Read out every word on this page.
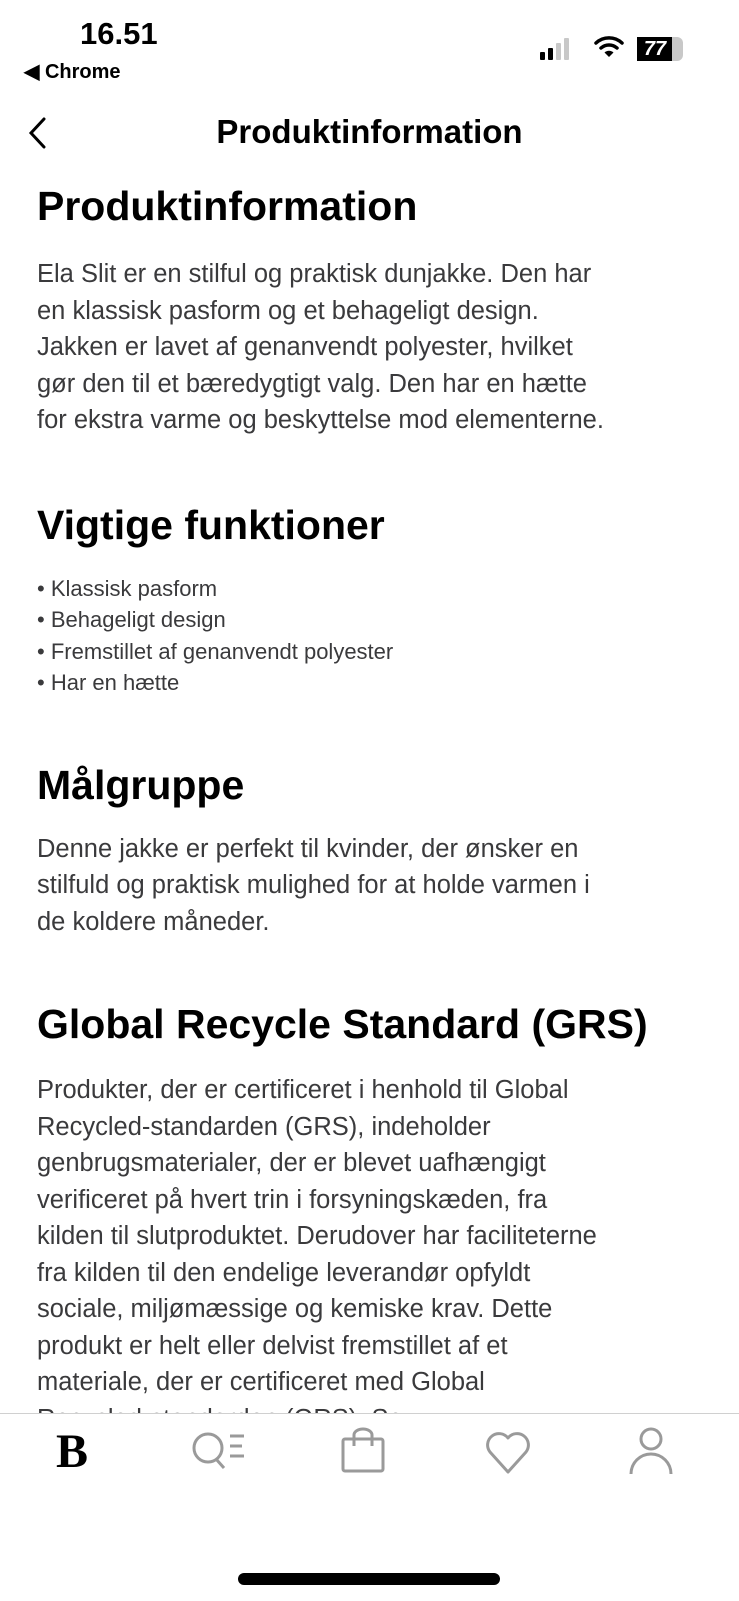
16.51
◀ Chrome
77
Produktinformation
Produktinformation
Ela Slit er en stilful og praktisk dunjakke. Den har
en klassisk pasform og et behageligt design.
Jakken er lavet af genanvendt polyester, hvilket
gør den til et bæredygtigt valg. Den har en hætte
for ekstra varme og beskyttelse mod elementerne.
Vigtige funktioner
• Klassisk pasform
• Behageligt design
• Fremstillet af genanvendt polyester
• Har en hætte
Målgruppe
Denne jakke er perfekt til kvinder, der ønsker en
stilfuld og praktisk mulighed for at holde varmen i
de koldere måneder.
Global Recycle Standard (GRS)
Produkter, der er certificeret i henhold til Global
Recycled-standarden (GRS), indeholder
genbrugsmaterialer, der er blevet uafhængigt
verificeret på hvert trin i forsyningskæden, fra
kilden til slutproduktet. Derudover har faciliteterne
fra kilden til den endelige leverandør opfyldt
sociale, miljømæssige og kemiske krav. Dette
produkt er helt eller delvist fremstillet af et
materiale, der er certificeret med Global
B
